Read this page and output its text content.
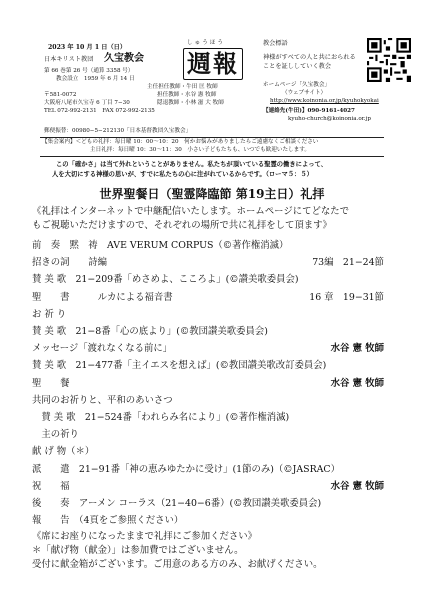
2023 年 10 月 1 日（日）
日本キリスト教団 久宝教会
第 66 巻第 26 号（通算 3358 号）
教会設立　1959 年 6 月 14 日
〒581-0072
大阪府八尾市久宝寺 6 丁目 7−30
TEL 072-992-2131　FAX 072-992-2135
しゅうほう
週報
主任担任教師・牛田 匡 牧師
担任教師・水谷 憲 牧師
隠退教師・小林 滋 大 牧師
教会標語
神様がすべての人と共におられる
ことを証ししていく教会
ホームページ「久宝教会」
（ウェブサイト）
http://www.koinonia.or.jp/kyuhokyokai
【連絡先(牛田)】090-9161-4027
kyuho-church@koinonia.or.jp
郵便振替：00980−5−212130「日本基督教団久宝教会」
【集会案内】＜どもの礼拝：毎日曜 10：00～10：20　何かお悩みがありましたらご遠慮なくご相談ください
主日礼拝：毎日曜 10：30～11：30　小さい子どもたちも、いつでも歓迎いたします。
この「確かさ」は当て外れということがありません。私たちが頂いている聖霊の働きによって、
人を大切にする神様の思いが、すでに私たちの心に注がれているからです。（ローマ５：５）
世界聖餐日（聖霊降臨節 第19主日）礼拝
《礼拝はインターネットで中継配信いたします。ホームページにてどなたで
もご視聴いただけますので、それぞれの場所で共に礼拝をして頂ます》
前　奏　黙　祷　AVE VERUM CORPUS（©著作権消滅）
招きの詞　　詩編	73編　21−24節
賛 美 歌　21−209番「めさめよ、こころよ」(©讃美歌委員会)
聖　　書　　　ルカによる福音書	16 章　19−31節
お 祈 り
賛 美 歌　21−8番「心の底より」(©教団讃美歌委員会)
メッセージ「渡れなくなる前に」	水谷 憲 牧師
賛 美 歌　21−477番「主イエスを想えば」(©教団讃美歌改訂委員会)
聖　　餐	水谷 憲 牧師
共同のお祈りと、平和のあいさつ
　賛 美 歌　21−524番「われらみ名により」(©著作権消滅)
　主の祈り
献 げ 物（＊）
派　　遣　21−91番「神の恵みゆたかに受け」(1節のみ)（©JASRAC）
祝　　福	水谷 憲 牧師
後　　奏　アーメン コーラス（21−40−6番）(©教団讃美歌委員会)
報　　告　（4頁をご参照ください）
《席にお座りになったままで礼拝にご参加ください》
＊「献げ物（献金）」は参加費ではございません。
受付に献金箱がございます。ご用意のある方のみ、お献げください。
